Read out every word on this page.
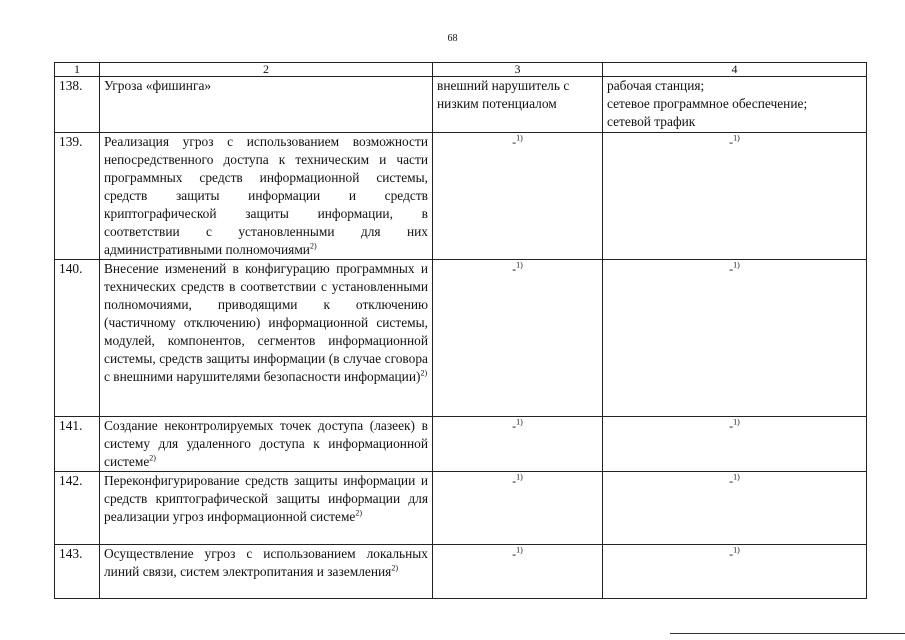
68
1	2	3	4
138.	Угроза «фишинга»	внешний нарушитель с низким потенциалом	рабочая станция;
сетевое программное обеспечение;
сетевой трафик

139.	Реализация угроз с использованием возможности непосредственного доступа к техническим и части программных средств информационной системы, средств защиты информации и средств криптографической защиты информации, в соответствии с установленными для них административными полномочиями$^{2)}$	-$^{1)}$	-$^{1)}$
140.	Внесение изменений в конфигурацию программных и технических средств в соответствии с установленными полномочиями, приводящими к отключению (частичному отключению) информационной системы, модулей, компонентов, сегментов информационной системы, средств защиты информации (в случае сговора с внешними нарушителями безопасности информации)$^{2)}$	-$^{1)}$	-$^{1)}$
141.	Создание неконтролируемых точек доступа (лазеек) в систему для удаленного доступа к информационной системе$^{2)}$	-$^{1)}$	-$^{1)}$
142.	Переконфигурирование средств защиты информации и средств криптографической защиты информации для реализации угроз информационной системе$^{2)}$	-$^{1)}$	-$^{1)}$
143.	Осуществление угроз с использованием локальных линий связи, систем электропитания и заземления$^{2)}$	-$^{1)}$	-$^{1)}$
